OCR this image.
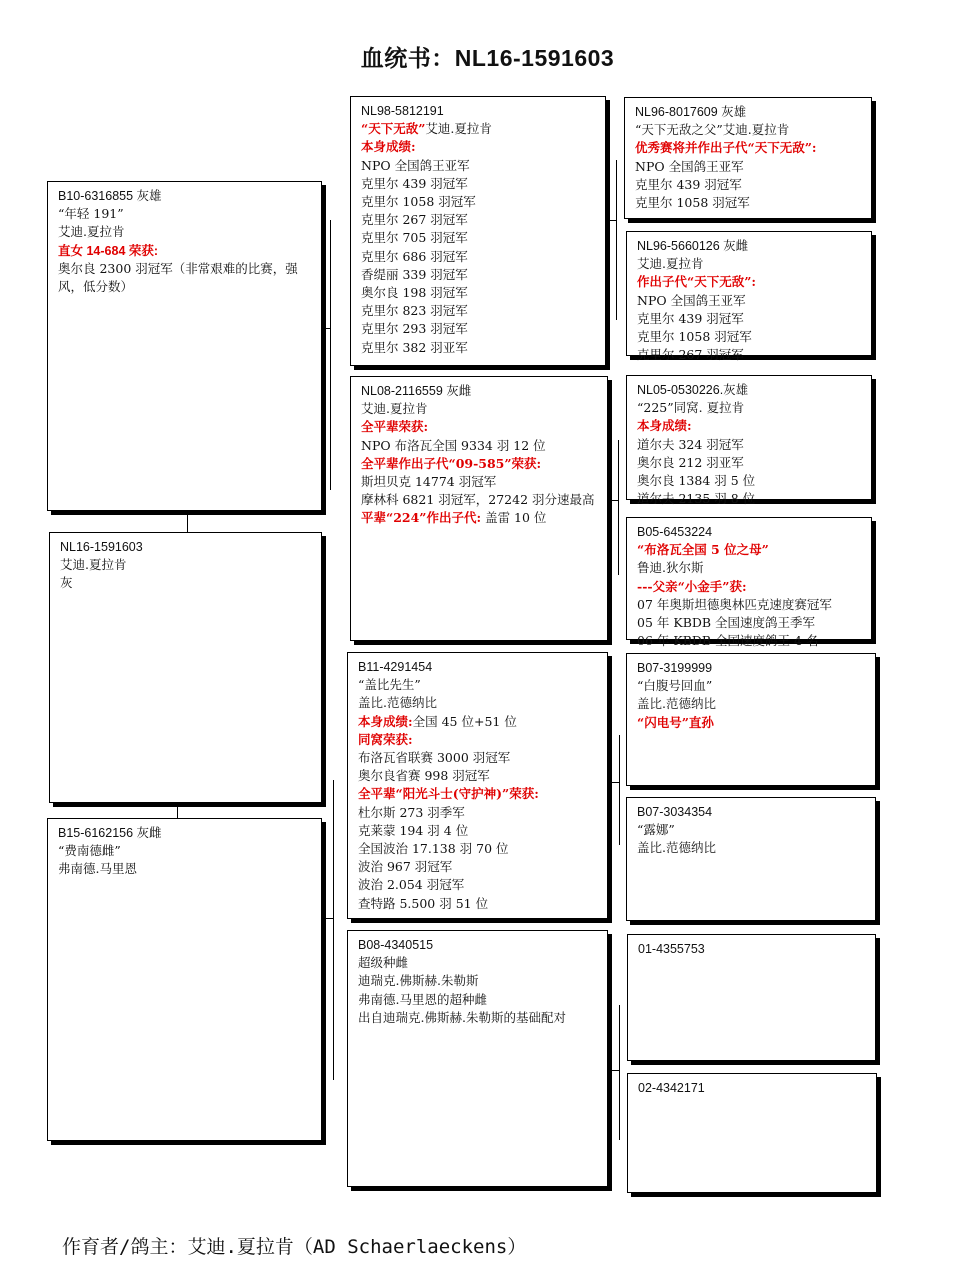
血统书：NL16-1591603
B10-6316855 灰雄
“年轻 191”
艾迪.夏拉肯
直女 14-684 荣获:
奥尔良 2300 羽冠军（非常艰难的比赛，强风，低分数）
NL16-1591603
艾迪.夏拉肯
灰
B15-6162156 灰雌
“费南德雌”
弗南德.马里恩
NL98-5812191
“天下无敌”艾迪.夏拉肯
本身成绩:
NPO 全国鸽王亚军
克里尔 439 羽冠军
克里尔 1058 羽冠军
克里尔 267 羽冠军
克里尔 705 羽冠军
克里尔 686 羽冠军
香缇丽 339 羽冠军
奥尔良 198 羽冠军
克里尔 823 羽冠军
克里尔 293 羽冠军
克里尔 382 羽亚军
NL08-2116559 灰雌
艾迪.夏拉肯
全平辈荣获:
NPO 布洛瓦全国 9334 羽 12 位
全平辈作出子代“09-585”荣获:
斯坦贝克 14774 羽冠军
摩林科 6821 羽冠军，27242 羽分速最高
平辈“224”作出子代: 盖雷 10 位
B11-4291454
“盖比先生”
盖比.范德纳比
本身成绩:全国 45 位+51 位
同窝荣获:
布洛瓦省联赛 3000 羽冠军
奥尔良省赛 998 羽冠军
全平辈“阳光斗士(守护神)”荣获:
杜尔斯 273 羽季军
克莱蒙 194 羽 4 位
全国波治 17.138 羽 70 位
波治 967 羽冠军
波治 2.054 羽冠军
查特路 5.500 羽 51 位
B08-4340515
超级种雌
迪瑞克.佛斯赫.朱勒斯
弗南德.马里恩的超种雌
出自迪瑞克.佛斯赫.朱勒斯的基础配对
NL96-8017609 灰雄
“天下无敌之父”艾迪.夏拉肯
优秀赛将并作出子代“天下无敌”:
NPO 全国鸽王亚军
克里尔 439 羽冠军
克里尔 1058 羽冠军
NL96-5660126 灰雌
艾迪.夏拉肯
作出子代“天下无敌”:
NPO 全国鸽王亚军
克里尔 439 羽冠军
克里尔 1058 羽冠军
克里尔 267 羽冠军
NL05-0530226.灰雄
“225”同窝. 夏拉肯
本身成绩:
道尔夫 324 羽冠军
奥尔良 212 羽亚军
奥尔良 1384 羽 5 位
道尔夫 2135 羽 8 位
B05-6453224
“布洛瓦全国 5 位之母”
鲁迪.狄尔斯
---父亲“小金手”获:
07 年奥斯坦德奥林匹克速度赛冠军
05 年 KBDB 全国速度鸽王季军
06 年 KBDB 全国速度鸽王 4 名
B07-3199999
“白腹号回血”
盖比.范德纳比
“闪电号”直孙
B07-3034354
“露娜”
盖比.范德纳比
01-4355753
02-4342171
作育者/鸽主：艾迪.夏拉肯（AD Schaerlaeckens）
